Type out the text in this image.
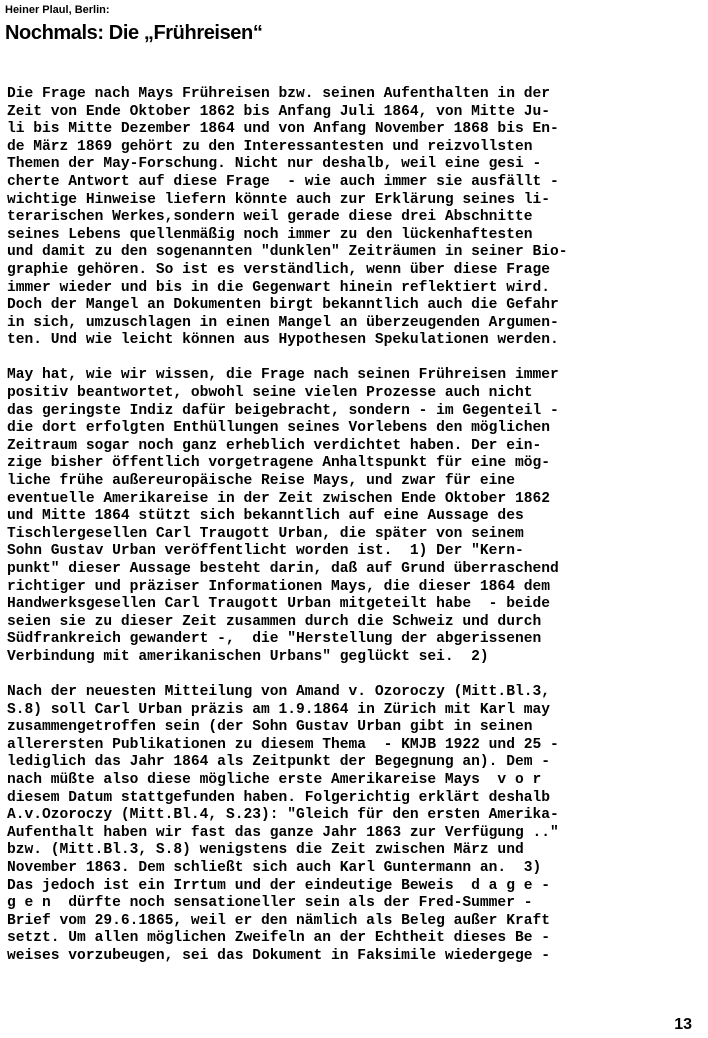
Heiner Plaul, Berlin:
Nochmals: Die „Frühreisen“
Die Frage nach Mays Frühreisen bzw. seinen Aufenthalten in der
Zeit von Ende Oktober 1862 bis Anfang Juli 1864, von Mitte Ju-
li bis Mitte Dezember 1864 und von Anfang November 1868 bis En-
de März 1869 gehört zu den Interessantesten und reizvollsten
Themen der May-Forschung. Nicht nur deshalb, weil eine gesi -
cherte Antwort auf diese Frage  - wie auch immer sie ausfällt -
wichtige Hinweise liefern könnte auch zur Erklärung seines li-
terarischen Werkes,sondern weil gerade diese drei Abschnitte
seines Lebens quellenmäßig noch immer zu den lückenhaftesten
und damit zu den sogenannten "dunklen" Zeiträumen in seiner Bio-
graphie gehören. So ist es verständlich, wenn über diese Frage
immer wieder und bis in die Gegenwart hinein reflektiert wird.
Doch der Mangel an Dokumenten birgt bekanntlich auch die Gefahr
in sich, umzuschlagen in einen Mangel an überzeugenden Argumen-
ten. Und wie leicht können aus Hypothesen Spekulationen werden.
May hat, wie wir wissen, die Frage nach seinen Frühreisen immer
positiv beantwortet, obwohl seine vielen Prozesse auch nicht
das geringste Indiz dafür beigebracht, sondern - im Gegenteil -
die dort erfolgten Enthüllungen seines Vorlebens den möglichen
Zeitraum sogar noch ganz erheblich verdichtet haben. Der ein-
zige bisher öffentlich vorgetragene Anhaltspunkt für eine mög-
liche frühe außereuropäische Reise Mays, und zwar für eine
eventuelle Amerikareise in der Zeit zwischen Ende Oktober 1862
und Mitte 1864 stützt sich bekanntlich auf eine Aussage des
Tischlergesellen Carl Traugott Urban, die später von seinem
Sohn Gustav Urban veröffentlicht worden ist.  1) Der "Kern-
punkt" dieser Aussage besteht darin, daß auf Grund überraschend
richtiger und präziser Informationen Mays, die dieser 1864 dem
Handwerksgesellen Carl Traugott Urban mitgeteilt habe  - beide
seien sie zu dieser Zeit zusammen durch die Schweiz und durch
Südfrankreich gewandert -,  die "Herstellung der abgerissenen
Verbindung mit amerikanischen Urbans" geglückt sei.  2)
Nach der neuesten Mitteilung von Amand v. Ozoroczy (Mitt.Bl.3,
S.8) soll Carl Urban präzis am 1.9.1864 in Zürich mit Karl may
zusammengetroffen sein (der Sohn Gustav Urban gibt in seinen
allerersten Publikationen zu diesem Thema  - KMJB 1922 und 25 -
lediglich das Jahr 1864 als Zeitpunkt der Begegnung an). Dem -
nach müßte also diese mögliche erste Amerikareise Mays  v o r
diesem Datum stattgefunden haben. Folgerichtig erklärt deshalb
A.v.Ozoroczy (Mitt.Bl.4, S.23): "Gleich für den ersten Amerika-
Aufenthalt haben wir fast das ganze Jahr 1863 zur Verfügung .."
bzw. (Mitt.Bl.3, S.8) wenigstens die Zeit zwischen März und
November 1863. Dem schließt sich auch Karl Guntermann an.  3)
Das jedoch ist ein Irrtum und der eindeutige Beweis  d a g e -
g e n  dürfte noch sensationeller sein als der Fred-Summer -
Brief vom 29.6.1865, weil er den nämlich als Beleg außer Kraft
setzt. Um allen möglichen Zweifeln an der Echtheit dieses Be -
weises vorzubeugen, sei das Dokument in Faksimile wiedergege -
13
